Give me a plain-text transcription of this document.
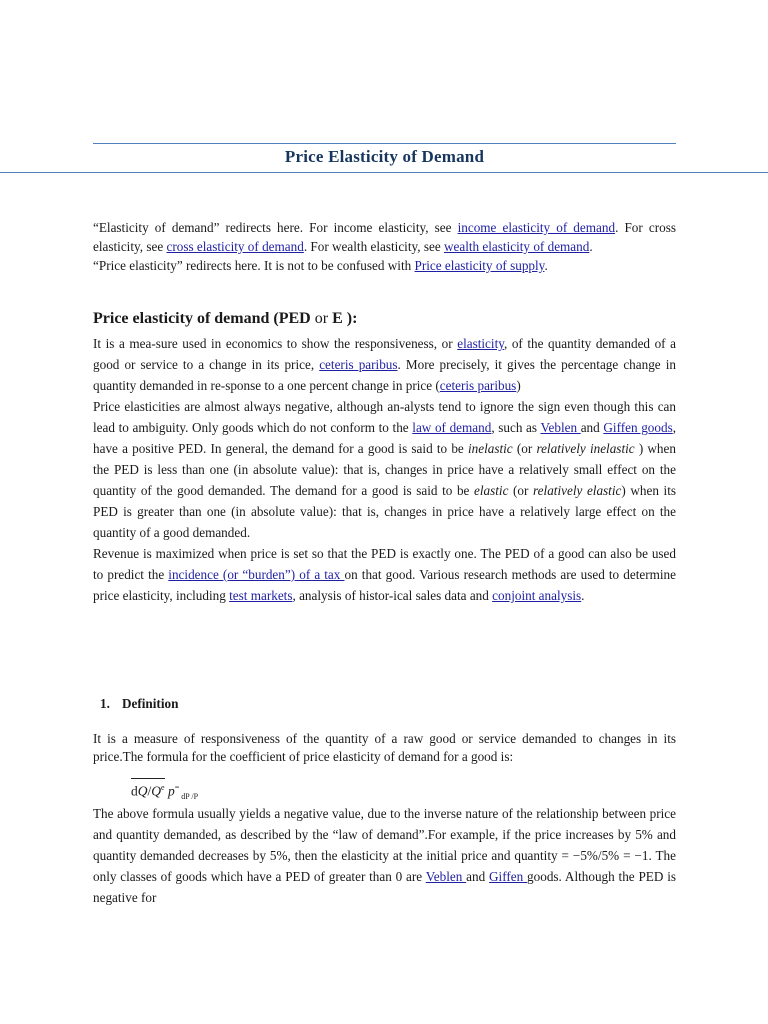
Price Elasticity of Demand

“Elasticity of demand” redirects here. For income elasticity, see income elasticity of demand. For cross elasticity, see cross elasticity of demand. For wealth elasticity, see wealth elasticity of demand.

“Price elasticity” redirects here. It is not to be confused with Price elasticity of supply.

Price elasticity of demand (PED or E ):

It is a mea-sure used in economics to show the responsiveness, or elasticity, of the quantity demanded of a good or service to a change in its price, ceteris paribus. More precisely, it gives the percentage change in quantity demanded in re-sponse to a one percent change in price (ceteris paribus)

Price elasticities are almost always negative, although an-alysts tend to ignore the sign even though this can lead to ambiguity. Only goods which do not conform to the law of demand, such as Veblen and Giffen goods, have a positive PED. In general, the demand for a good is said to be inelastic (or relatively inelastic ) when the PED is less than one (in absolute value): that is, changes in price have a relatively small effect on the quantity of the good demanded. The demand for a good is said to be elastic (or relatively elastic) when its PED is greater than one (in absolute value): that is, changes in price have a relatively large effect on the quantity of a good demanded.

Revenue is maximized when price is set so that the PED is exactly one. The PED of a good can also be used to predict the incidence (or “burden”) of a tax on that good. Various research methods are used to determine price elasticity, including test markets, analysis of histor-ical sales data and conjoint analysis.

1. Definition

It is a measure of responsiveness of the quantity of a raw good or service demanded to changes in its price.The formula for the coefficient of price elasticity of demand for a good is:

$dQ/Q^e$ p= $_{dP /P}$

The above formula usually yields a negative value, due to the inverse nature of the relationship between price and quantity demanded, as described by the “law of demand”.For example, if the price increases by 5% and quantity demanded decreases by 5%, then the elasticity at the initial price and quantity = −5%/5% = −1. The only classes of goods which have a PED of greater than 0 are Veblen and Giffen goods. Although the PED is negative for
